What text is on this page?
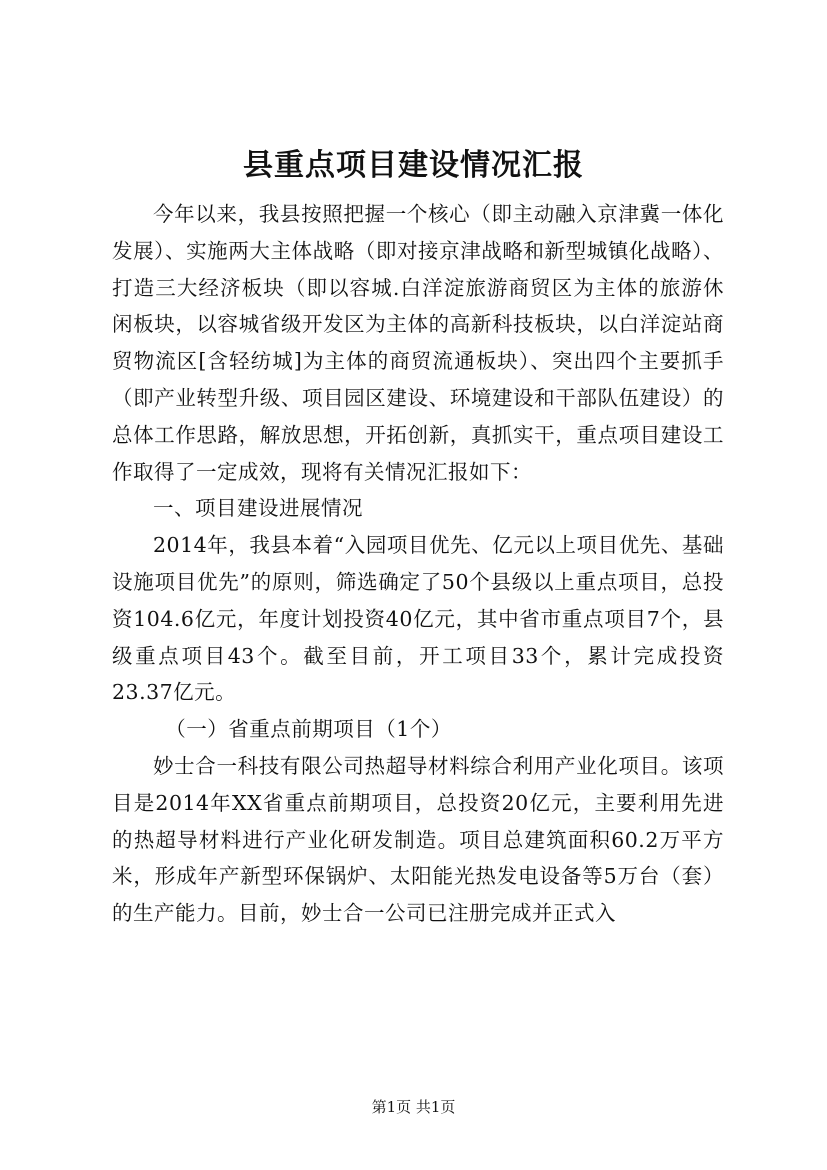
县重点项目建设情况汇报

今年以来，我县按照把握一个核心（即主动融入京津冀一体化发展）、实施两大主体战略（即对接京津战略和新型城镇化战略）、打造三大经济板块（即以容城.白洋淀旅游商贸区为主体的旅游休闲板块，以容城省级开发区为主体的高新科技板块，以白洋淀站商贸物流区[含轻纺城]为主体的商贸流通板块）、突出四个主要抓手（即产业转型升级、项目园区建设、环境建设和干部队伍建设）的总体工作思路，解放思想，开拓创新，真抓实干，重点项目建设工作取得了一定成效，现将有关情况汇报如下：

一、项目建设进展情况

2014年，我县本着“入园项目优先、亿元以上项目优先、基础设施项目优先”的原则，筛选确定了50个县级以上重点项目，总投资104.6亿元，年度计划投资40亿元，其中省市重点项目7个，县级重点项目43个。截至目前，开工项目33个，累计完成投资23.37亿元。

（一）省重点前期项目（1个）

妙士合一科技有限公司热超导材料综合利用产业化项目。该项目是2014年XX省重点前期项目，总投资20亿元，主要利用先进的热超导材料进行产业化研发制造。项目总建筑面积60.2万平方米，形成年产新型环保锅炉、太阳能光热发电设备等5万台（套）的生产能力。目前，妙士合一公司已注册完成并正式入

第1页 共1页
